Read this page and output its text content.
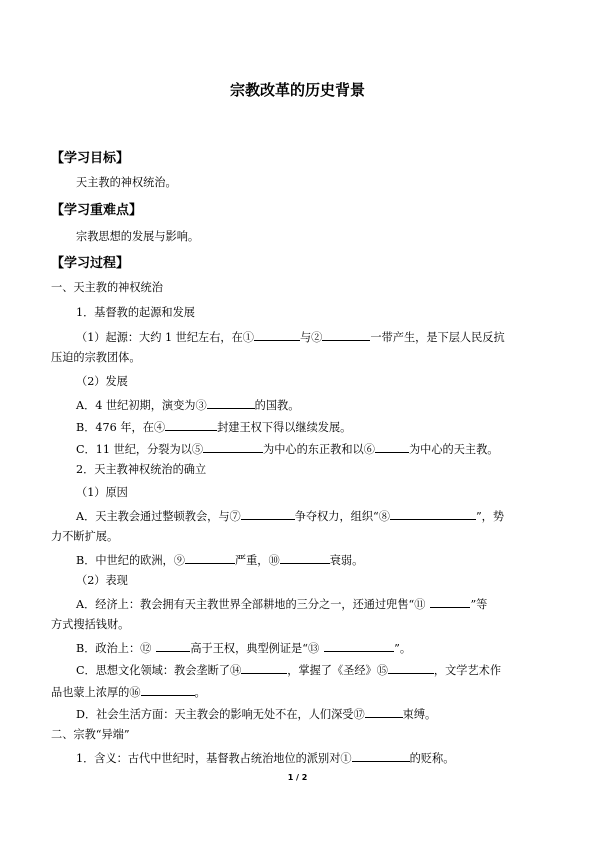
宗教改革的历史背景
【学习目标】
天主教的神权统治。
【学习重难点】
宗教思想的发展与影响。
【学习过程】
一、天主教的神权统治
1．基督教的起源和发展
（1）起源：大约 1 世纪左右，在①	与②	一带产生，是下层人民反抗
压迫的宗教团体。
（2）发展
A．4 世纪初期，演变为③	的国教。
B．476 年，在④	封建王权下得以继续发展。
C．11 世纪，分裂为以⑤	为中心的东正教和以⑥	为中心的天主教。
2．天主教神权统治的确立
（1）原因
A．天主教会通过整顿教会，与⑦	争夺权力，组织“⑧	”，势
力不断扩展。
B．中世纪的欧洲，⑨	严重，⑩	衰弱。
（2）表现
A．经济上：教会拥有天主教世界全部耕地的三分之一，还通过兜售“⑪	”等
方式搜括钱财。
B．政治上：⑫	高于王权，典型例证是“⑬	”。
C．思想文化领域：教会垄断了⑭	，掌握了《圣经》⑮	，文学艺术作
品也蒙上浓厚的⑯	。
D．社会生活方面：天主教会的影响无处不在，人们深受⑰	束缚。
二、宗教“异端”
1．含义：古代中世纪时，基督教占统治地位的派别对①	的贬称。
1 / 2
